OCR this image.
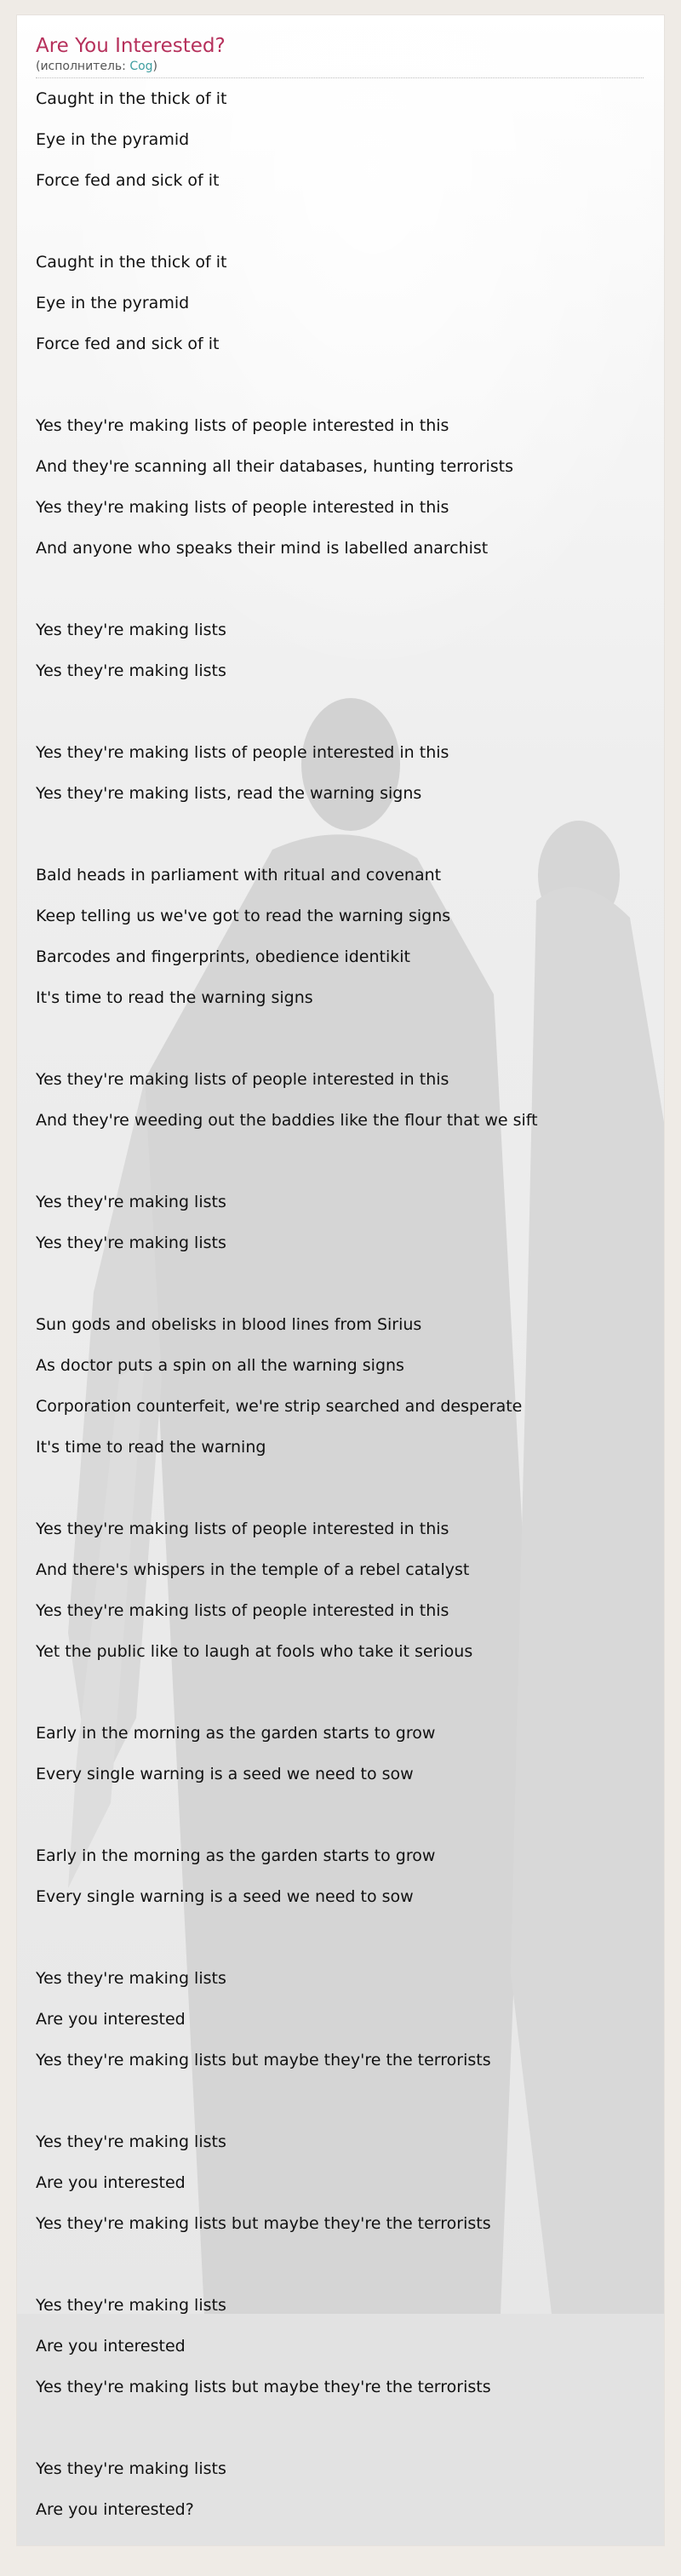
Are You Interested?
(исполнитель: Cog)
Caught in the thick of it
Eye in the pyramid
Force fed and sick of it
Caught in the thick of it
Eye in the pyramid
Force fed and sick of it
Yes they're making lists of people interested in this
And they're scanning all their databases, hunting terrorists
Yes they're making lists of people interested in this
And anyone who speaks their mind is labelled anarchist
Yes they're making lists
Yes they're making lists
Yes they're making lists of people interested in this
Yes they're making lists, read the warning signs
Bald heads in parliament with ritual and covenant
Keep telling us we've got to read the warning signs
Barcodes and fingerprints, obedience identikit
It's time to read the warning signs
Yes they're making lists of people interested in this
And they're weeding out the baddies like the flour that we sift
Yes they're making lists
Yes they're making lists
Sun gods and obelisks in blood lines from Sirius
As doctor puts a spin on all the warning signs
Corporation counterfeit, we're strip searched and desperate
It's time to read the warning
Yes they're making lists of people interested in this
And there's whispers in the temple of a rebel catalyst
Yes they're making lists of people interested in this
Yet the public like to laugh at fools who take it serious
Early in the morning as the garden starts to grow
Every single warning is a seed we need to sow
Early in the morning as the garden starts to grow
Every single warning is a seed we need to sow
Yes they're making lists
Are you interested
Yes they're making lists but maybe they're the terrorists
Yes they're making lists
Are you interested
Yes they're making lists but maybe they're the terrorists
Yes they're making lists
Are you interested
Yes they're making lists but maybe they're the terrorists
Yes they're making lists
Are you interested?
